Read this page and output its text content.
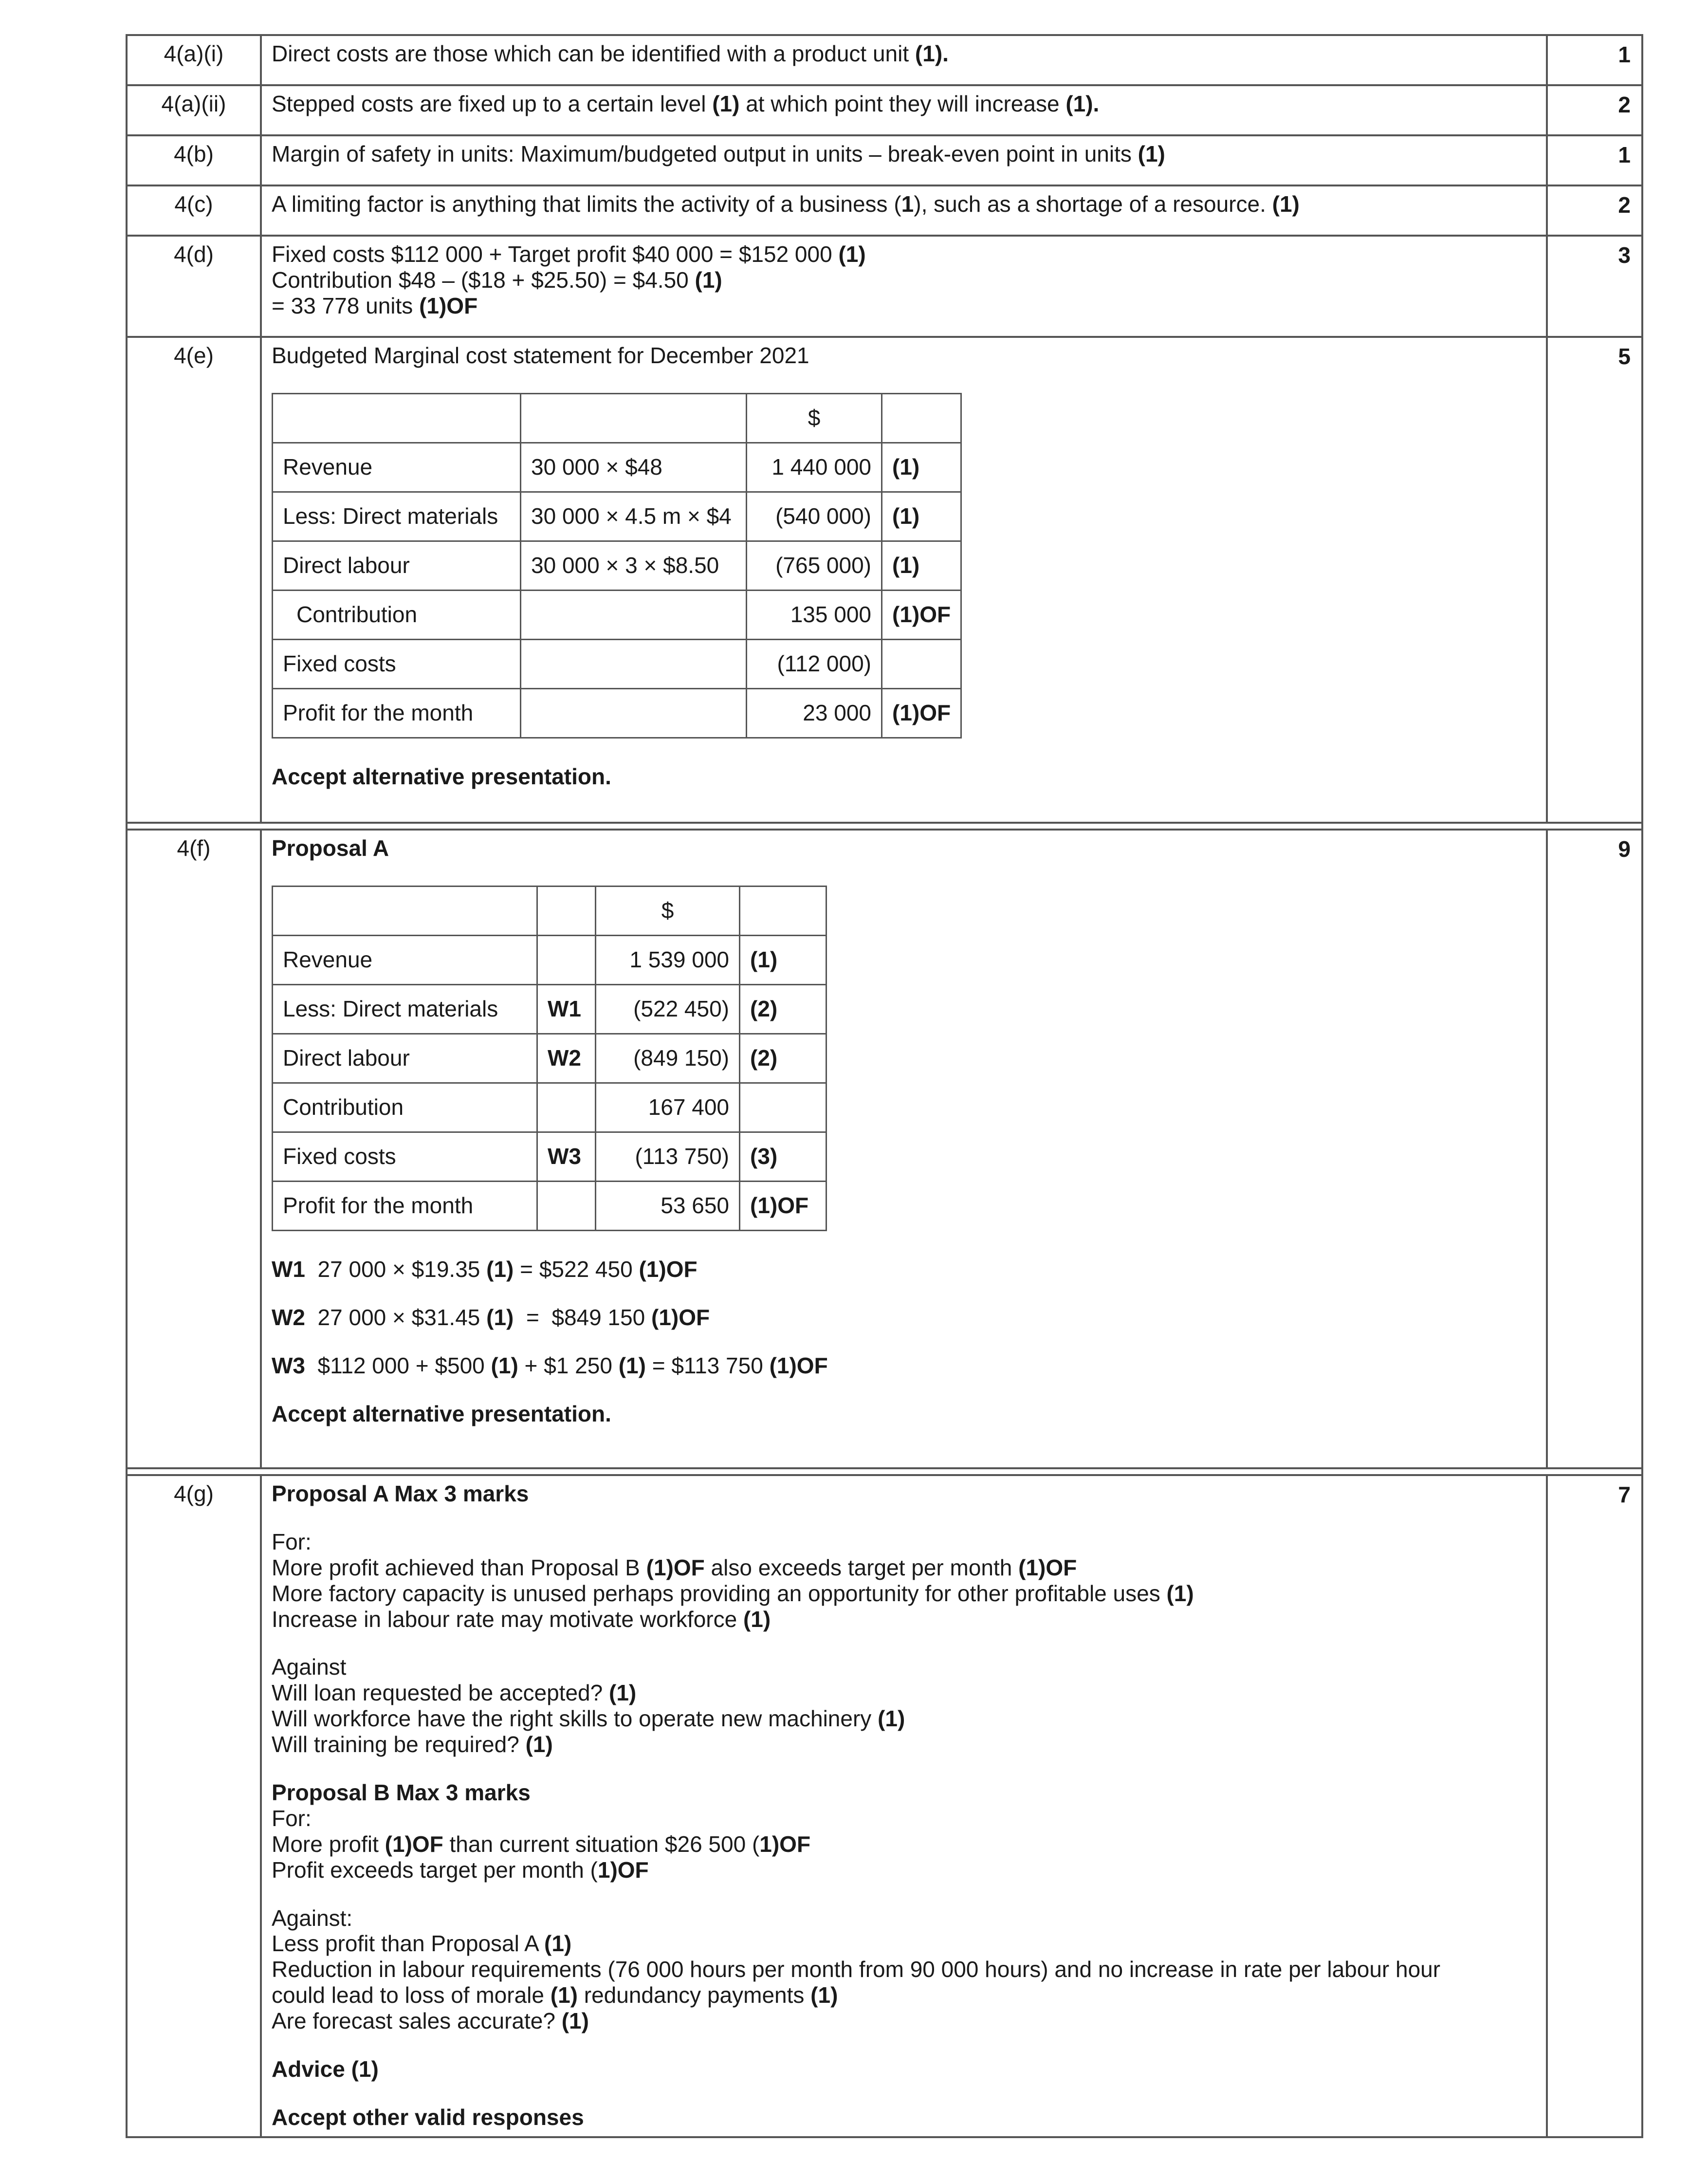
4(a)(i)	Direct costs are those which can be identified with a product unit (1).	1
4(a)(ii)	Stepped costs are fixed up to a certain level (1) at which point they will increase (1).	2
4(b)	Margin of safety in units: Maximum/budgeted output in units – break-even point in units (1)	1
4(c)	A limiting factor is anything that limits the activity of a business (1), such as a shortage of a resource. (1)	2
4(d)	Fixed costs $112 000 + Target profit $40 000 = $152 000 (1)
Contribution $48 – ($18 + $25.50) = $4.50 (1)
= 33 778 units (1)OF
	3
4(e)	Budgeted Marginal cost statement for December 2021
		$	
Revenue	30 000 × $48	1 440 000	(1)
Less: Direct materials	30 000 × 4.5 m × $4	(540 000)	(1)
Direct labour	30 000 × 3 × $8.50	(765 000)	(1)
Contribution		135 000	(1)OF
Fixed costs		(112 000)	
Profit for the month		23 000	(1)OF
Accept alternative presentation.	5

4(f)	Proposal A
		$	
Revenue		1 539 000	(1)
Less: Direct materials	W1	(522 450)	(2)
Direct labour	W2	(849 150)	(2)
Contribution		167 400	
Fixed costs	W3	(113 750)	(3)
Profit for the month		53 650	(1)OF
W1  27 000 × $19.35 (1) = $522 450 (1)OF
W2  27 000 × $31.45 (1)  =  $849 150 (1)OF
W3  $112 000 + $500 (1) + $1 250 (1) = $113 750 (1)OF
Accept alternative presentation.
	9

4(g)	Proposal A Max 3 marks
For:
More profit achieved than Proposal B (1)OF also exceeds target per month (1)OF
More factory capacity is unused perhaps providing an opportunity for other profitable uses (1)
Increase in labour rate may motivate workforce (1)
Against
Will loan requested be accepted? (1)
Will workforce have the right skills to operate new machinery (1)
Will training be required? (1)
Proposal B Max 3 marks
For:
More profit (1)OF than current situation $26 500 (1)OF
Profit exceeds target per month (1)OF
Against:
Less profit than Proposal A (1)
Reduction in labour requirements (76 000 hours per month from 90 000 hours) and no increase in rate per labour hour
could lead to loss of morale (1) redundancy payments (1)
Are forecast sales accurate? (1)
Advice (1)
Accept other valid responses
	7
